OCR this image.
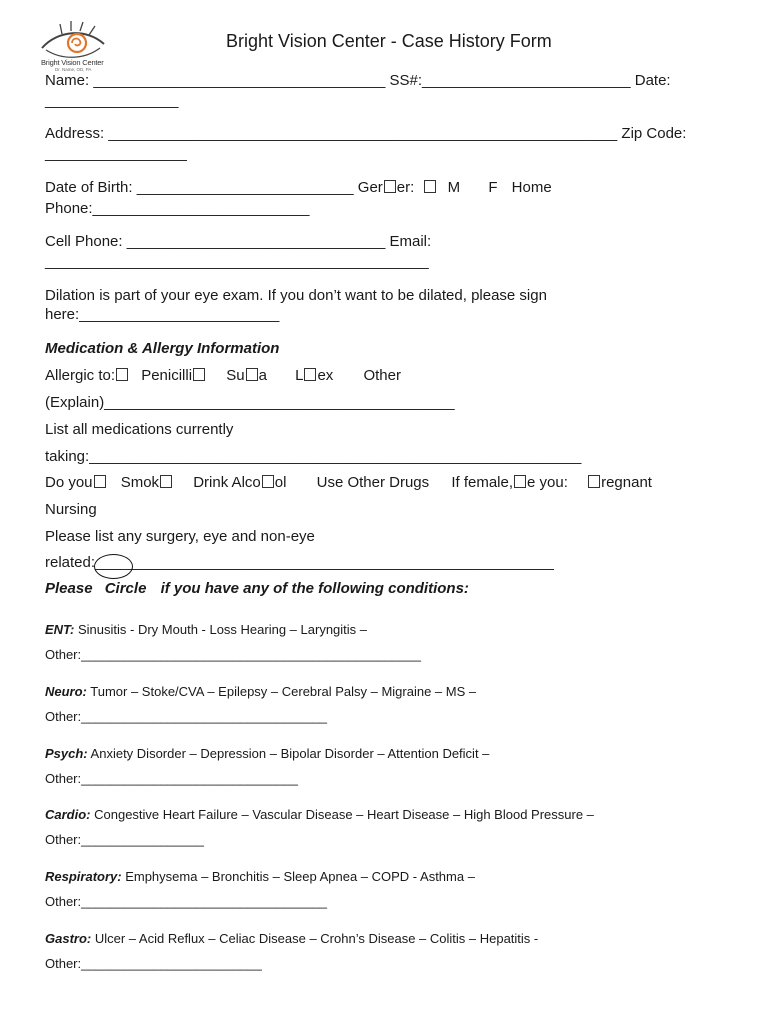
Bright Vision Center
Dr. Name, OD, PA
Bright Vision Center - Case History Form
Name: ___________________________________ SS#:_________________________ Date:
________________
Address: _____________________________________________________________ Zip Code:
_________________
Date of Birth: __________________________ Ger er: M F Home
Phone:__________________________
Cell Phone: _______________________________ Email:
______________________________________________
Dilation is part of your eye exam. If you don’t want to be dilated, please sign
here:________________________
Medication & Allergy Information
Allergic to: Penicilli Su a L ex Other
(Explain)__________________________________________
List all medications currently
taking:___________________________________________________________
Do you Smok Drink Alco ol Use Other Drugs If female, e you: regnant
Nursing
Please list any surgery, eye and non-eye
related:_______________________________________________________
Please Circle if you have any of the following conditions:
ENT: Sinusitis - Dry Mouth - Loss Hearing – Laryngitis –
Other:_______________________________________________
Neuro: Tumor – Stoke/CVA – Epilepsy – Cerebral Palsy – Migraine – MS –
Other:__________________________________
Psych: Anxiety Disorder – Depression – Bipolar Disorder – Attention Deficit –
Other:______________________________
Cardio: Congestive Heart Failure – Vascular Disease – Heart Disease – High Blood Pressure –
Other:_________________
Respiratory: Emphysema – Bronchitis – Sleep Apnea – COPD - Asthma –
Other:__________________________________
Gastro: Ulcer – Acid Reflux – Celiac Disease – Crohn’s Disease – Colitis – Hepatitis -
Other:_________________________
